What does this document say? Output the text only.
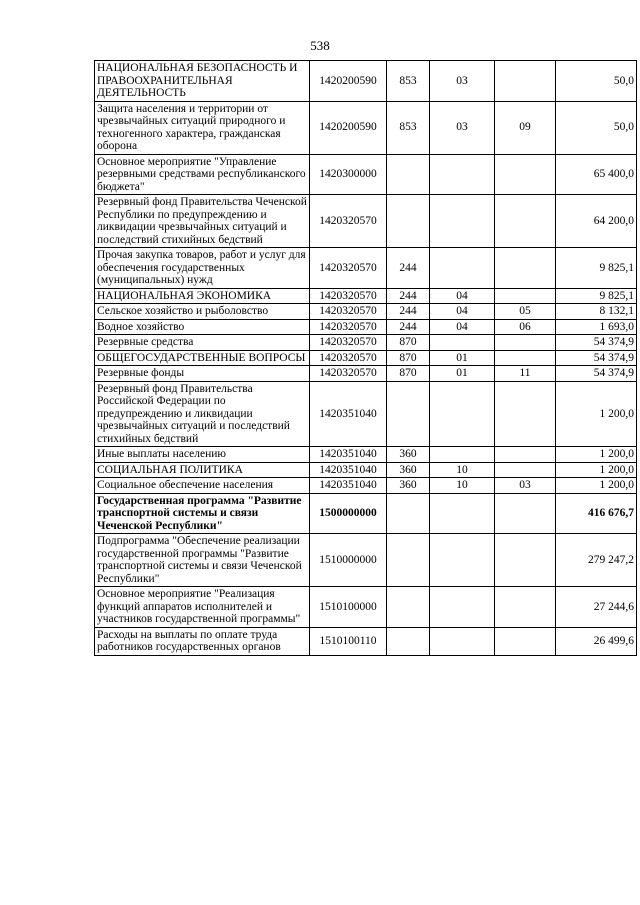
538
НАЦИОНАЛЬНАЯ БЕЗОПАСНОСТЬ И ПРАВООХРАНИТЕЛЬНАЯ ДЕЯТЕЛЬНОСТЬ	1420200590	853	03		50,0
Защита населения и территории от чрезвычайных ситуаций природного и техногенного характера, гражданская оборона	1420200590	853	03	09	50,0
Основное мероприятие "Управление резервными средствами республиканского бюджета"	1420300000				65 400,0
Резервный фонд Правительства Чеченской Республики по предупреждению и ликвидации чрезвычайных ситуаций и последствий стихийных бедствий	1420320570				64 200,0
Прочая закупка товаров, работ и услуг для обеспечения государственных (муниципальных) нужд	1420320570	244			9 825,1
НАЦИОНАЛЬНАЯ ЭКОНОМИКА	1420320570	244	04		9 825,1
Сельское хозяйство и рыболовство	1420320570	244	04	05	8 132,1
Водное хозяйство	1420320570	244	04	06	1 693,0
Резервные средства	1420320570	870			54 374,9
ОБЩЕГОСУДАРСТВЕННЫЕ ВОПРОСЫ	1420320570	870	01		54 374,9
Резервные фонды	1420320570	870	01	11	54 374,9
Резервный фонд Правительства Российской Федерации по предупреждению и ликвидации чрезвычайных ситуаций и последствий стихийных бедствий	1420351040				1 200,0
Иные выплаты населению	1420351040	360			1 200,0
СОЦИАЛЬНАЯ ПОЛИТИКА	1420351040	360	10		1 200,0
Социальное обеспечение населения	1420351040	360	10	03	1 200,0
Государственная программа "Развитие транспортной системы и связи Чеченской Республики"	1500000000				416 676,7
Подпрограмма "Обеспечение реализации государственной программы "Развитие транспортной системы и связи Чеченской Республики"	1510000000				279 247,2
Основное мероприятие "Реализация функций аппаратов исполнителей и участников государственной программы"	1510100000				27 244,6
Расходы на выплаты по оплате труда работников государственных органов	1510100110				26 499,6
